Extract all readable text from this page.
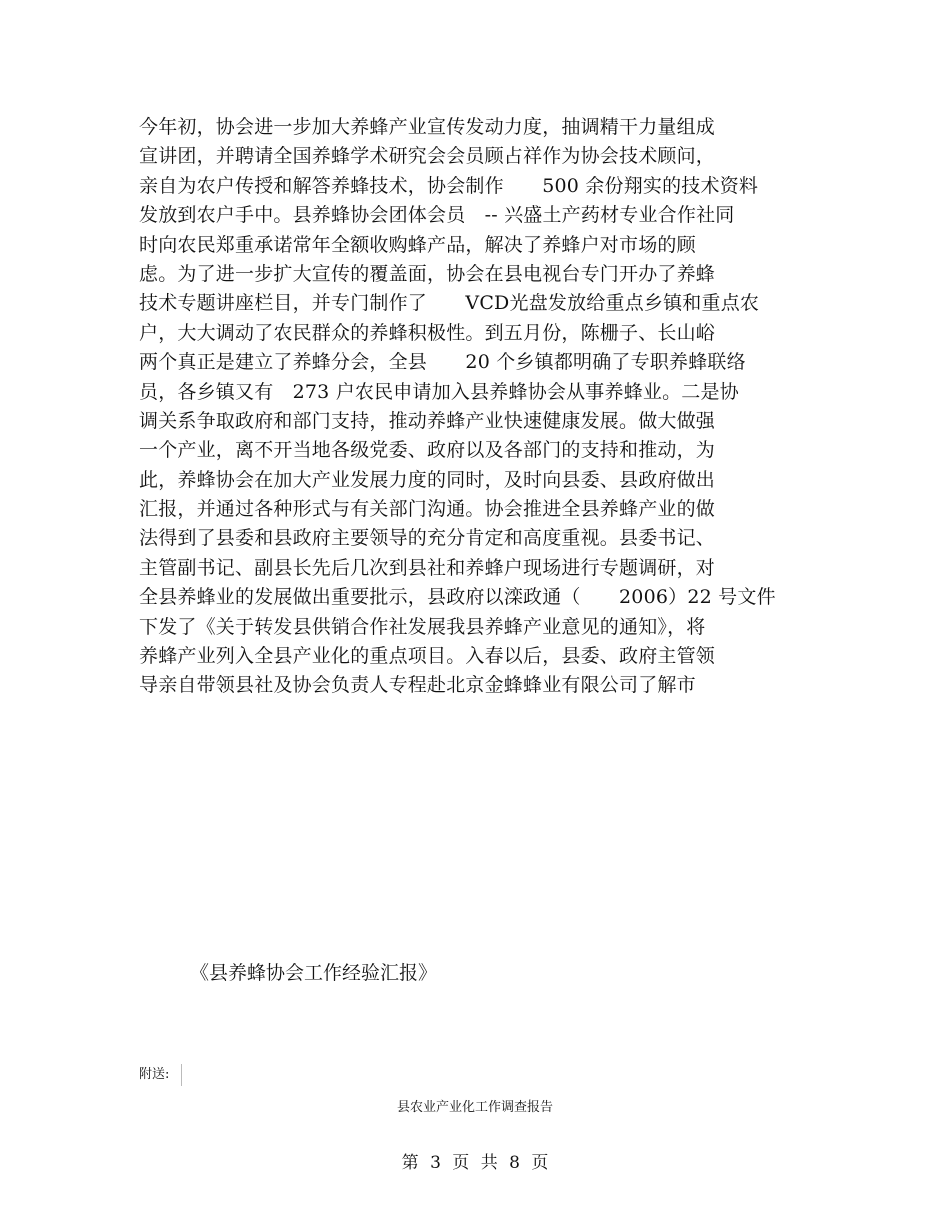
今年初，协会进一步加大养蜂产业宣传发动力度，抽调精干力量组成
宣讲团，并聘请全国养蜂学术研究会会员顾占祥作为协会技术顾问，
亲自为农户传授和解答养蜂技术，协会制作　　500 余份翔实的技术资料
发放到农户手中。县养蜂协会团体会员　-- 兴盛土产药材专业合作社同
时向农民郑重承诺常年全额收购蜂产品，解决了养蜂户对市场的顾
虑。为了进一步扩大宣传的覆盖面，协会在县电视台专门开办了养蜂
技术专题讲座栏目，并专门制作了　　VCD光盘发放给重点乡镇和重点农
户，大大调动了农民群众的养蜂积极性。到五月份，陈栅子、长山峪
两个真正是建立了养蜂分会，全县　　20 个乡镇都明确了专职养蜂联络
员，各乡镇又有　273 户农民申请加入县养蜂协会从事养蜂业。二是协
调关系争取政府和部门支持，推动养蜂产业快速健康发展。做大做强
一个产业，离不开当地各级党委、政府以及各部门的支持和推动，为
此，养蜂协会在加大产业发展力度的同时，及时向县委、县政府做出
汇报，并通过各种形式与有关部门沟通。协会推进全县养蜂产业的做
法得到了县委和县政府主要领导的充分肯定和高度重视。县委书记、
主管副书记、副县长先后几次到县社和养蜂户现场进行专题调研，对
全县养蜂业的发展做出重要批示，县政府以滦政通（　　2006）22 号文件
下发了《关于转发县供销合作社发展我县养蜂产业意见的通知》，将
养蜂产业列入全县产业化的重点项目。入春以后，县委、政府主管领
导亲自带领县社及协会负责人专程赴北京金蜂蜂业有限公司了解市
《县养蜂协会工作经验汇报》
附送:
县农业产业化工作调查报告
第 3 页 共 8 页
